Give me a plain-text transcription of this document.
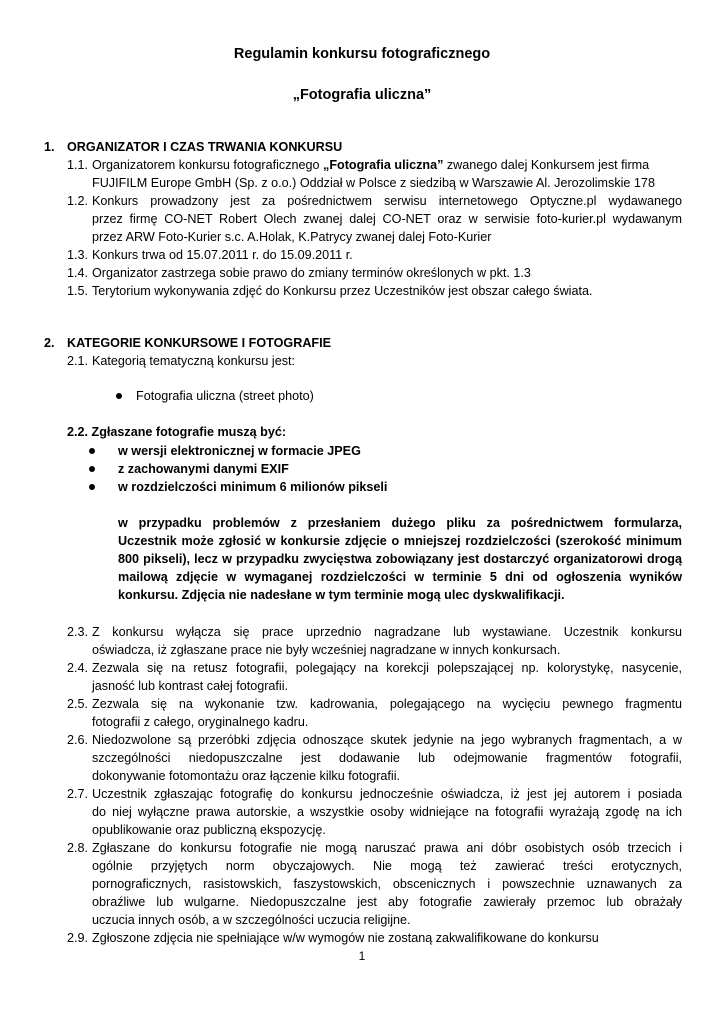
Regulamin konkursu fotograficznego
„Fotografia uliczna”
1. ORGANIZATOR I CZAS TRWANIA KONKURSU
1.1. Organizatorem konkursu fotograficznego „Fotografia uliczna” zwanego dalej Konkursem jest firma
FUJIFILM Europe GmbH (Sp. z o.o.) Oddział w Polsce z siedzibą w Warszawie Al. Jerozolimskie 178
1.2. Konkurs prowadzony jest za pośrednictwem serwisu internetowego Optyczne.pl wydawanego
przez firmę CO-NET Robert Olech zwanej dalej CO-NET oraz w serwisie foto-kurier.pl wydawanym
przez ARW Foto-Kurier s.c. A.Holak, K.Patrycy zwanej dalej Foto-Kurier
1.3. Konkurs trwa od 15.07.2011 r. do 15.09.2011 r.
1.4. Organizator zastrzega sobie prawo do zmiany terminów określonych w pkt. 1.3
1.5. Terytorium wykonywania zdjęć do Konkursu przez Uczestników jest obszar całego świata.
2. KATEGORIE KONKURSOWE I FOTOGRAFIE
2.1. Kategorią tematyczną konkursu jest:
Fotografia uliczna (street photo)
2.2. Zgłaszane fotografie muszą być:
w wersji elektronicznej w formacie JPEG
z zachowanymi danymi EXIF
w rozdzielczości minimum 6 milionów pikseli
w przypadku problemów z przesłaniem dużego pliku za pośrednictwem formularza,
Uczestnik może zgłosić w konkursie zdjęcie o mniejszej rozdzielczości (szerokość minimum
800 pikseli), lecz w przypadku zwycięstwa zobowiązany jest dostarczyć organizatorowi drogą
mailową zdjęcie w wymaganej rozdzielczości w terminie 5 dni od ogłoszenia wyników
konkursu. Zdjęcia nie nadesłane w tym terminie mogą ulec dyskwalifikacji.
2.3. Z konkursu wyłącza się prace uprzednio nagradzane lub wystawiane. Uczestnik konkursu
oświadcza, iż zgłaszane prace nie były wcześniej nagradzane w innych konkursach.
2.4. Zezwala się na retusz fotografii, polegający na korekcji polepszającej np. kolorystykę, nasycenie,
jasność lub kontrast całej fotografii.
2.5. Zezwala się na wykonanie tzw. kadrowania, polegającego na wycięciu pewnego fragmentu
fotografii z całego, oryginalnego kadru.
2.6. Niedozwolone są przeróbki zdjęcia odnoszące skutek jedynie na jego wybranych fragmentach, a w
szczególności niedopuszczalne jest dodawanie lub odejmowanie fragmentów fotografii,
dokonywanie fotomontażu oraz łączenie kilku fotografii.
2.7. Uczestnik zgłaszając fotografię do konkursu jednocześnie oświadcza, iż jest jej autorem i posiada
do niej wyłączne prawa autorskie, a wszystkie osoby widniejące na fotografii wyrażają zgodę na ich
opublikowanie oraz publiczną ekspozycję.
2.8. Zgłaszane do konkursu fotografie nie mogą naruszać prawa ani dóbr osobistych osób trzecich i
ogólnie przyjętych norm obyczajowych. Nie mogą też zawierać treści erotycznych,
pornograficznych, rasistowskich, faszystowskich, obscenicznych i powszechnie uznawanych za
obraźliwe lub wulgarne. Niedopuszczalne jest aby fotografie zawierały przemoc lub obrażały
uczucia innych osób, a w szczególności uczucia religijne.
2.9. Zgłoszone zdjęcia nie spełniające w/w wymogów nie zostaną zakwalifikowane do konkursu
1
